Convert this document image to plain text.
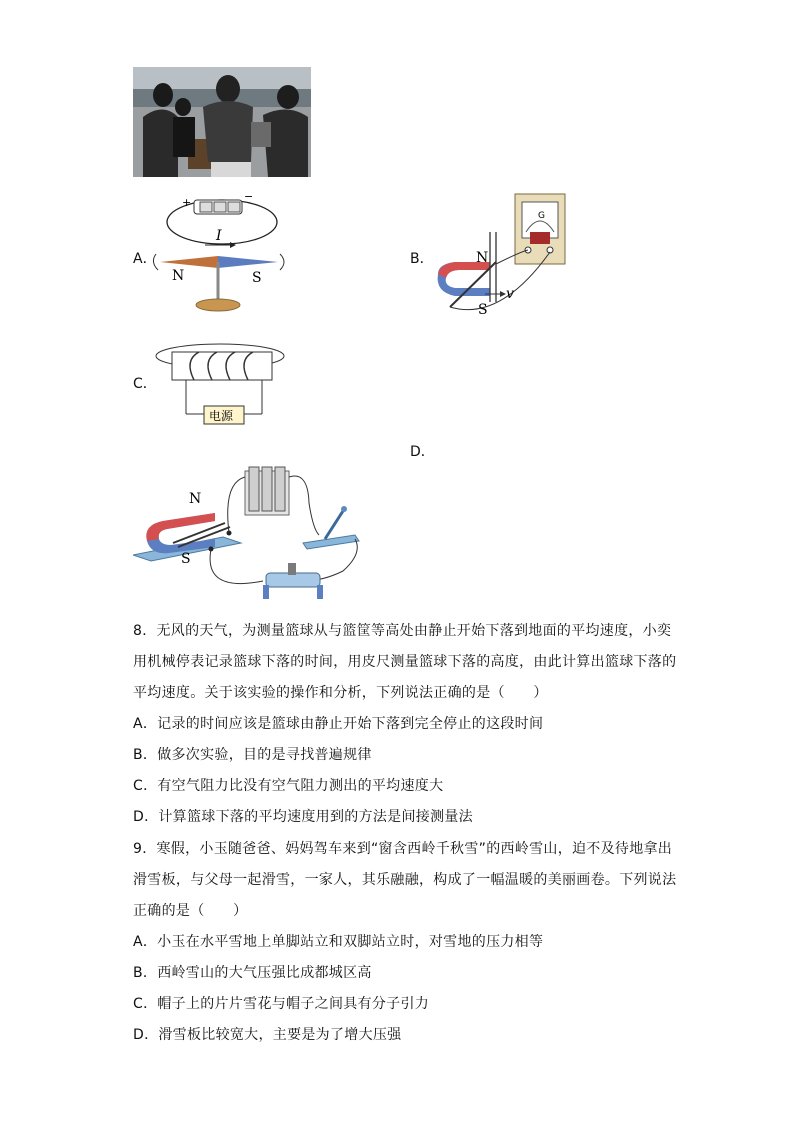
A．
+	−
I
N	S
B．
G
v
N
S
C．
电源
D．
N
S
8．无风的天气，为测量篮球从与篮筐等高处由静止开始下落到地面的平均速度，小奕
用机械停表记录篮球下落的时间，用皮尺测量篮球下落的高度，由此计算出篮球下落的
平均速度。关于该实验的操作和分析，下列说法正确的是（　　）
A．记录的时间应该是篮球由静止开始下落到完全停止的这段时间
B．做多次实验，目的是寻找普遍规律
C．有空气阻力比没有空气阻力测出的平均速度大
D．计算篮球下落的平均速度用到的方法是间接测量法
9．寒假，小玉随爸爸、妈妈驾车来到“窗含西岭千秋雪”的西岭雪山，迫不及待地拿出
滑雪板，与父母一起滑雪，一家人，其乐融融，构成了一幅温暖的美丽画卷。下列说法
正确的是（　　）
A．小玉在水平雪地上单脚站立和双脚站立时，对雪地的压力相等
B．西岭雪山的大气压强比成都城区高
C．帽子上的片片雪花与帽子之间具有分子引力
D．滑雪板比较宽大，主要是为了增大压强
